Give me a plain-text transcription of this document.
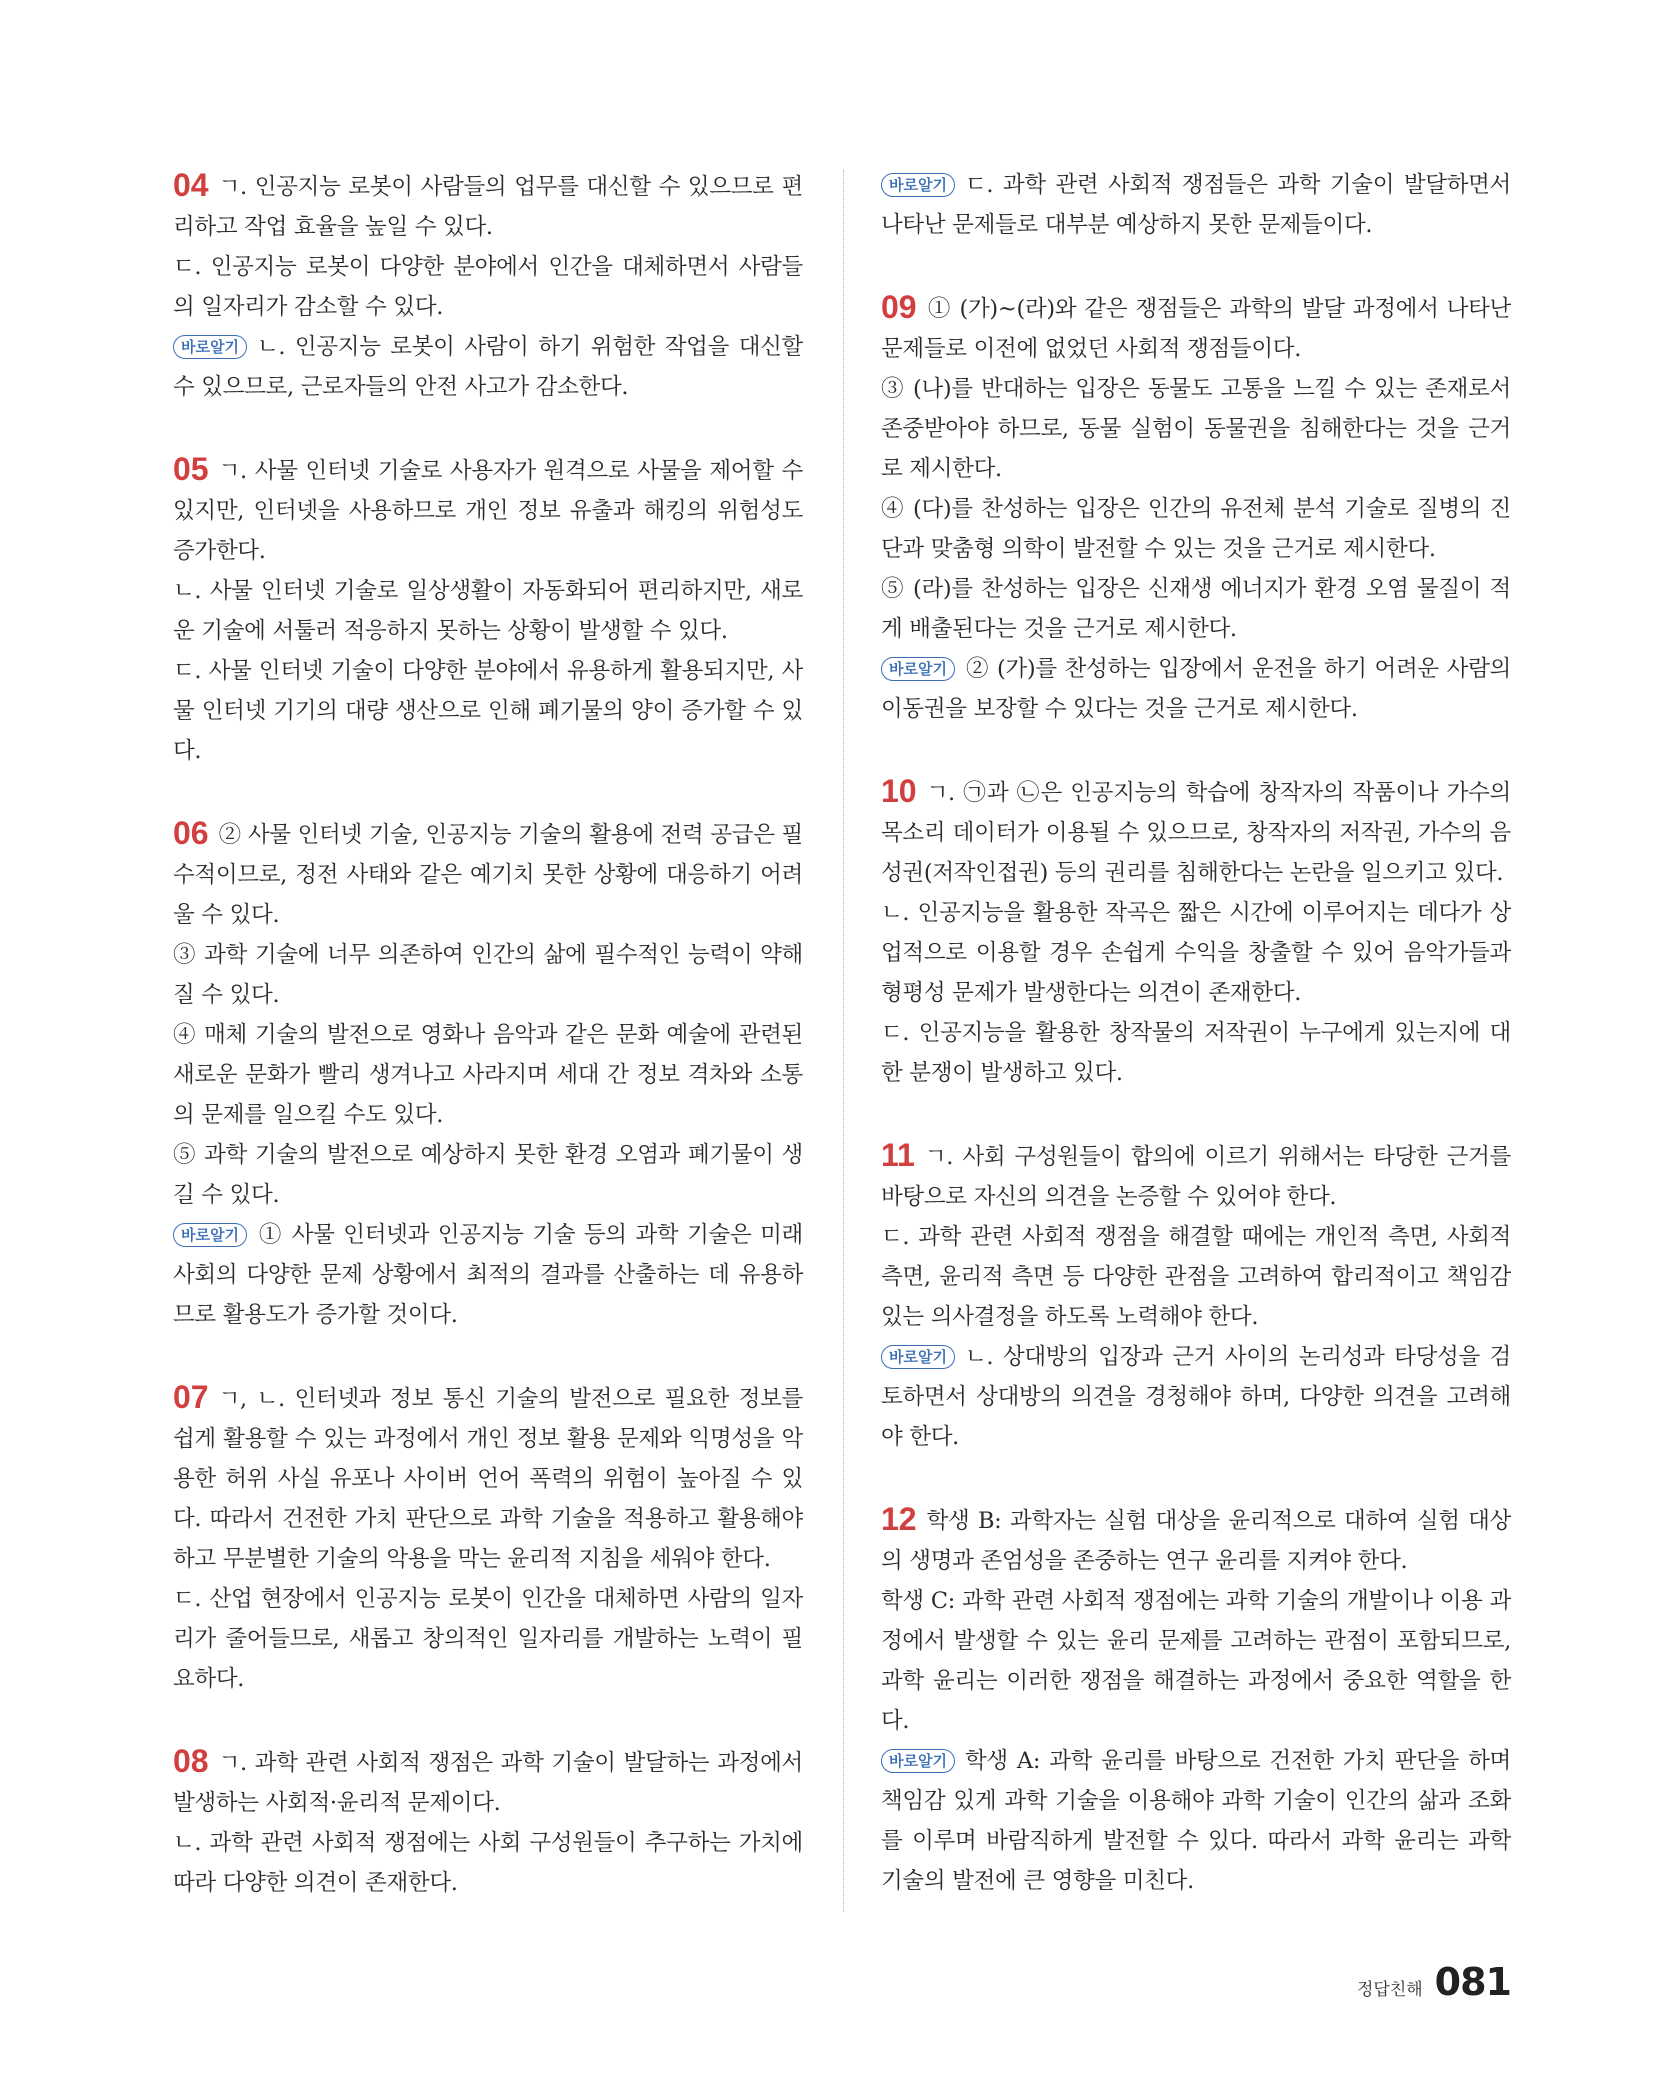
04 ㄱ. 인공지능 로봇이 사람들의 업무를 대신할 수 있으므로 편리하고 작업 효율을 높일 수 있다.

ㄷ. 인공지능 로봇이 다양한 분야에서 인간을 대체하면서 사람들의 일자리가 감소할 수 있다.

바로알기 ㄴ. 인공지능 로봇이 사람이 하기 위험한 작업을 대신할 수 있으므로, 근로자들의 안전 사고가 감소한다.

05 ㄱ. 사물 인터넷 기술로 사용자가 원격으로 사물을 제어할 수 있지만, 인터넷을 사용하므로 개인 정보 유출과 해킹의 위험성도 증가한다.

ㄴ. 사물 인터넷 기술로 일상생활이 자동화되어 편리하지만, 새로운 기술에 서툴러 적응하지 못하는 상황이 발생할 수 있다.

ㄷ. 사물 인터넷 기술이 다양한 분야에서 유용하게 활용되지만, 사물 인터넷 기기의 대량 생산으로 인해 폐기물의 양이 증가할 수 있다.

06 ② 사물 인터넷 기술, 인공지능 기술의 활용에 전력 공급은 필수적이므로, 정전 사태와 같은 예기치 못한 상황에 대응하기 어려울 수 있다.

③ 과학 기술에 너무 의존하여 인간의 삶에 필수적인 능력이 약해질 수 있다.

④ 매체 기술의 발전으로 영화나 음악과 같은 문화 예술에 관련된 새로운 문화가 빨리 생겨나고 사라지며 세대 간 정보 격차와 소통의 문제를 일으킬 수도 있다.

⑤ 과학 기술의 발전으로 예상하지 못한 환경 오염과 폐기물이 생길 수 있다.

바로알기 ① 사물 인터넷과 인공지능 기술 등의 과학 기술은 미래 사회의 다양한 문제 상황에서 최적의 결과를 산출하는 데 유용하므로 활용도가 증가할 것이다.

07 ㄱ, ㄴ. 인터넷과 정보 통신 기술의 발전으로 필요한 정보를 쉽게 활용할 수 있는 과정에서 개인 정보 활용 문제와 익명성을 악용한 허위 사실 유포나 사이버 언어 폭력의 위험이 높아질 수 있다. 따라서 건전한 가치 판단으로 과학 기술을 적용하고 활용해야 하고 무분별한 기술의 악용을 막는 윤리적 지침을 세워야 한다.

ㄷ. 산업 현장에서 인공지능 로봇이 인간을 대체하면 사람의 일자리가 줄어들므로, 새롭고 창의적인 일자리를 개발하는 노력이 필요하다.

08 ㄱ. 과학 관련 사회적 쟁점은 과학 기술이 발달하는 과정에서 발생하는 사회적·윤리적 문제이다.

ㄴ. 과학 관련 사회적 쟁점에는 사회 구성원들이 추구하는 가치에 따라 다양한 의견이 존재한다.

바로알기 ㄷ. 과학 관련 사회적 쟁점들은 과학 기술이 발달하면서 나타난 문제들로 대부분 예상하지 못한 문제들이다.

09 ① (가)~(라)와 같은 쟁점들은 과학의 발달 과정에서 나타난 문제들로 이전에 없었던 사회적 쟁점들이다.

③ (나)를 반대하는 입장은 동물도 고통을 느낄 수 있는 존재로서 존중받아야 하므로, 동물 실험이 동물권을 침해한다는 것을 근거로 제시한다.

④ (다)를 찬성하는 입장은 인간의 유전체 분석 기술로 질병의 진단과 맞춤형 의학이 발전할 수 있는 것을 근거로 제시한다.

⑤ (라)를 찬성하는 입장은 신재생 에너지가 환경 오염 물질이 적게 배출된다는 것을 근거로 제시한다.

바로알기 ② (가)를 찬성하는 입장에서 운전을 하기 어려운 사람의 이동권을 보장할 수 있다는 것을 근거로 제시한다.

10 ㄱ. ㉠과 ㉡은 인공지능의 학습에 창작자의 작품이나 가수의 목소리 데이터가 이용될 수 있으므로, 창작자의 저작권, 가수의 음성권(저작인접권) 등의 권리를 침해한다는 논란을 일으키고 있다.

ㄴ. 인공지능을 활용한 작곡은 짧은 시간에 이루어지는 데다가 상업적으로 이용할 경우 손쉽게 수익을 창출할 수 있어 음악가들과 형평성 문제가 발생한다는 의견이 존재한다.

ㄷ. 인공지능을 활용한 창작물의 저작권이 누구에게 있는지에 대한 분쟁이 발생하고 있다.

11 ㄱ. 사회 구성원들이 합의에 이르기 위해서는 타당한 근거를 바탕으로 자신의 의견을 논증할 수 있어야 한다.

ㄷ. 과학 관련 사회적 쟁점을 해결할 때에는 개인적 측면, 사회적 측면, 윤리적 측면 등 다양한 관점을 고려하여 합리적이고 책임감 있는 의사결정을 하도록 노력해야 한다.

바로알기 ㄴ. 상대방의 입장과 근거 사이의 논리성과 타당성을 검토하면서 상대방의 의견을 경청해야 하며, 다양한 의견을 고려해야 한다.

12 학생 B: 과학자는 실험 대상을 윤리적으로 대하여 실험 대상의 생명과 존엄성을 존중하는 연구 윤리를 지켜야 한다.

학생 C: 과학 관련 사회적 쟁점에는 과학 기술의 개발이나 이용 과정에서 발생할 수 있는 윤리 문제를 고려하는 관점이 포함되므로, 과학 윤리는 이러한 쟁점을 해결하는 과정에서 중요한 역할을 한다.

바로알기 학생 A: 과학 윤리를 바탕으로 건전한 가치 판단을 하며 책임감 있게 과학 기술을 이용해야 과학 기술이 인간의 삶과 조화를 이루며 바람직하게 발전할 수 있다. 따라서 과학 윤리는 과학 기술의 발전에 큰 영향을 미친다.

정답친해 081
